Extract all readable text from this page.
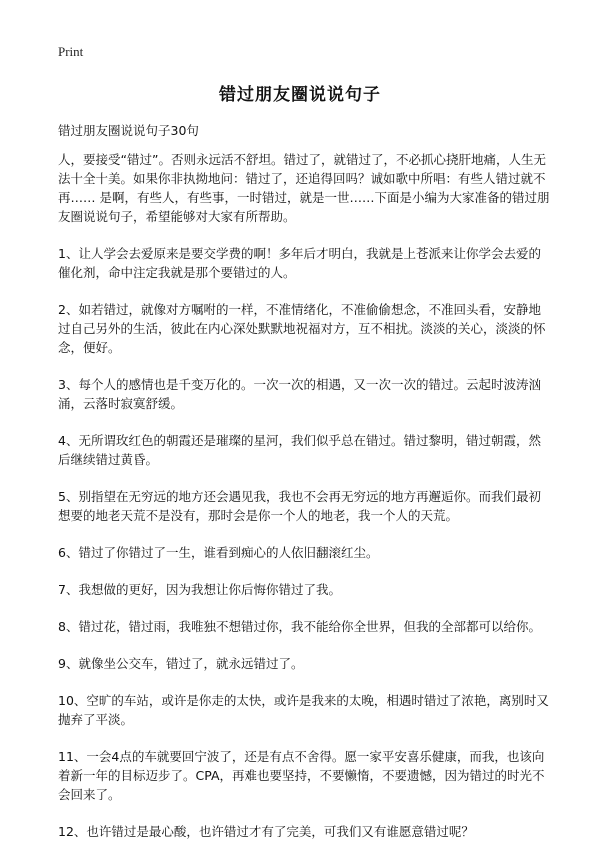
Print
错过朋友圈说说句子

错过朋友圈说说句子30句

人，要接受“错过”。否则永远活不舒坦。错过了，就错过了，不必抓心挠肝地痛，人生无法十全十美。如果你非执拗地问：错过了，还追得回吗？诚如歌中所唱：有些人错过就不再…… 是啊，有些人，有些事，一时错过，就是一世……下面是小编为大家准备的错过朋友圈说说句子，希望能够对大家有所帮助。

1、让人学会去爱原来是要交学费的啊！多年后才明白，我就是上苍派来让你学会去爱的催化剂，命中注定我就是那个要错过的人。

2、如若错过，就像对方嘱咐的一样，不准情绪化，不准偷偷想念，不准回头看，安静地过自己另外的生活，彼此在内心深处默默地祝福对方，互不相扰。淡淡的关心，淡淡的怀念，便好。

3、每个人的感情也是千变万化的。一次一次的相遇，又一次一次的错过。云起时波涛汹涌，云落时寂寞舒缓。

4、无所谓玫红色的朝霞还是璀璨的星河，我们似乎总在错过。错过黎明，错过朝霞，然后继续错过黄昏。

5、别指望在无穷远的地方还会遇见我，我也不会再无穷远的地方再邂逅你。而我们最初想要的地老天荒不是没有，那时会是你一个人的地老，我一个人的天荒。

6、错过了你错过了一生，谁看到痴心的人依旧翻滚红尘。

7、我想做的更好，因为我想让你后悔你错过了我。

8、错过花，错过雨，我唯独不想错过你，我不能给你全世界，但我的全部都可以给你。

9、就像坐公交车，错过了，就永远错过了。

10、空旷的车站，或许是你走的太快，或许是我来的太晚，相遇时错过了浓艳，离别时又抛弃了平淡。

11、一会4点的车就要回宁波了，还是有点不舍得。愿一家平安喜乐健康，而我，也该向着新一年的目标迈步了。CPA，再难也要坚持，不要懒惰，不要遗憾，因为错过的时光不会回来了。

12、也许错过是最心酸，也许错过才有了完美，可我们又有谁愿意错过呢？
